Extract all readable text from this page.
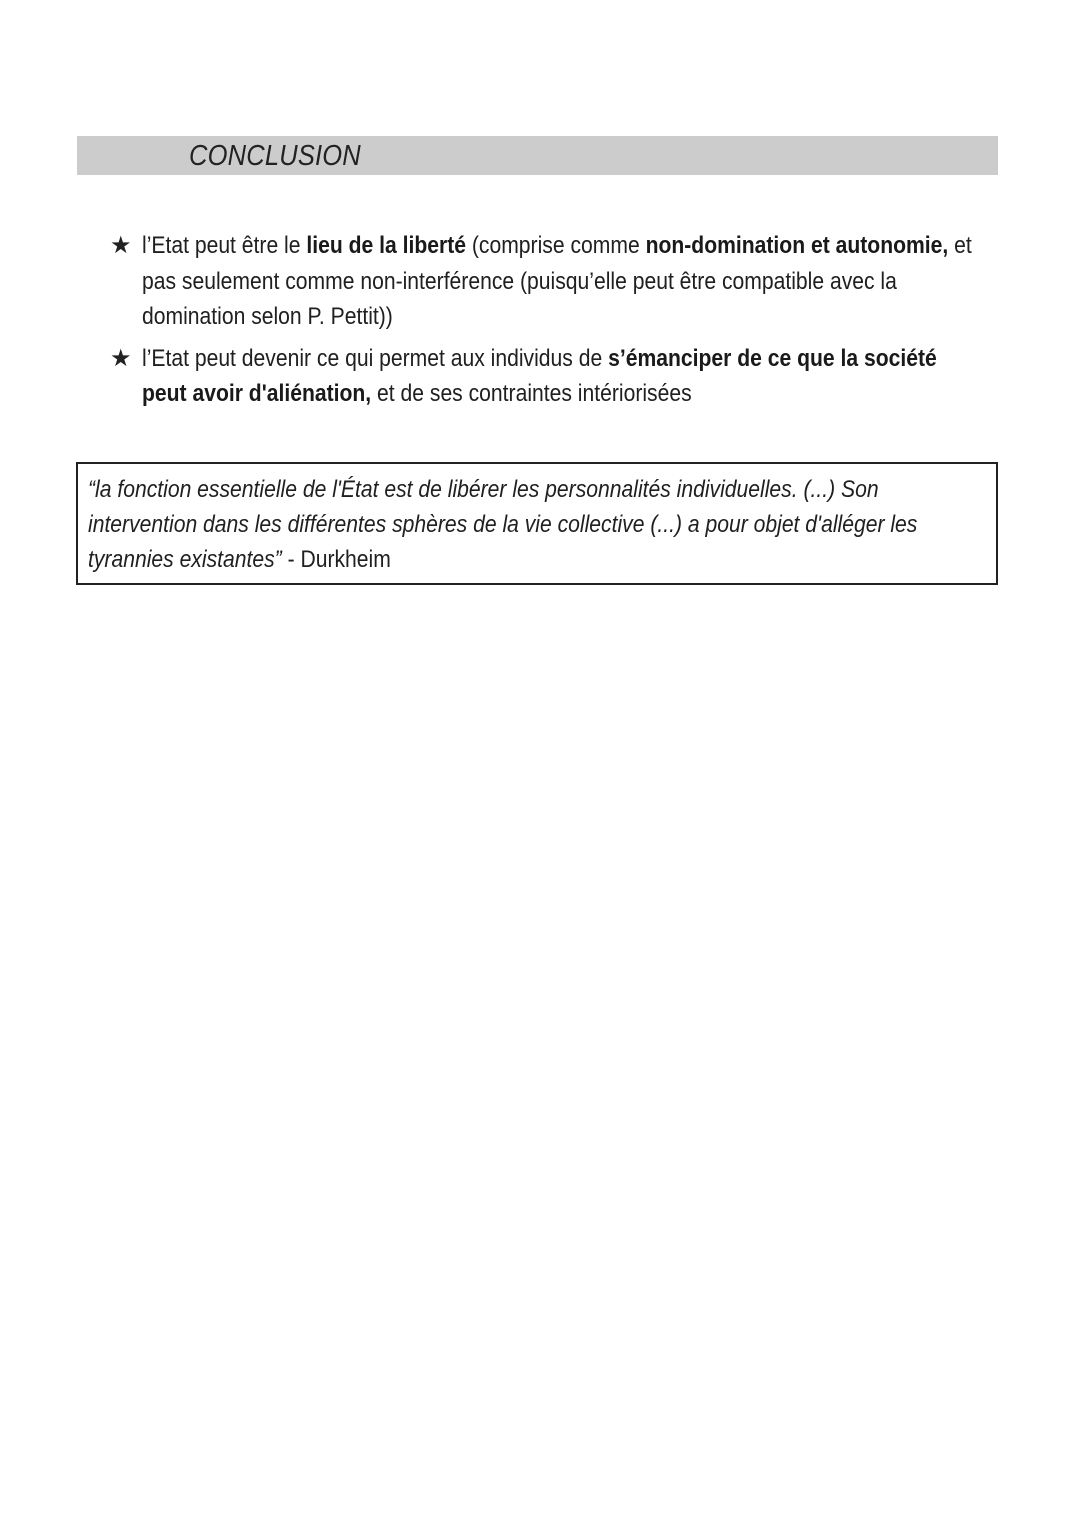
CONCLUSION
★ l’Etat peut être le lieu de la liberté (comprise comme non-domination et autonomie, et pas seulement comme non-interférence (puisqu’elle peut être compatible avec la domination selon P. Pettit))
★ l’Etat peut devenir ce qui permet aux individus de s’émanciper de ce que la société peut avoir d'aliénation, et de ses contraintes intériorisées
“la fonction essentielle de l'État est de libérer les personnalités individuelles. (...) Son intervention dans les différentes sphères de la vie collective (...) a pour objet d'alléger les tyrannies existantes” - Durkheim
